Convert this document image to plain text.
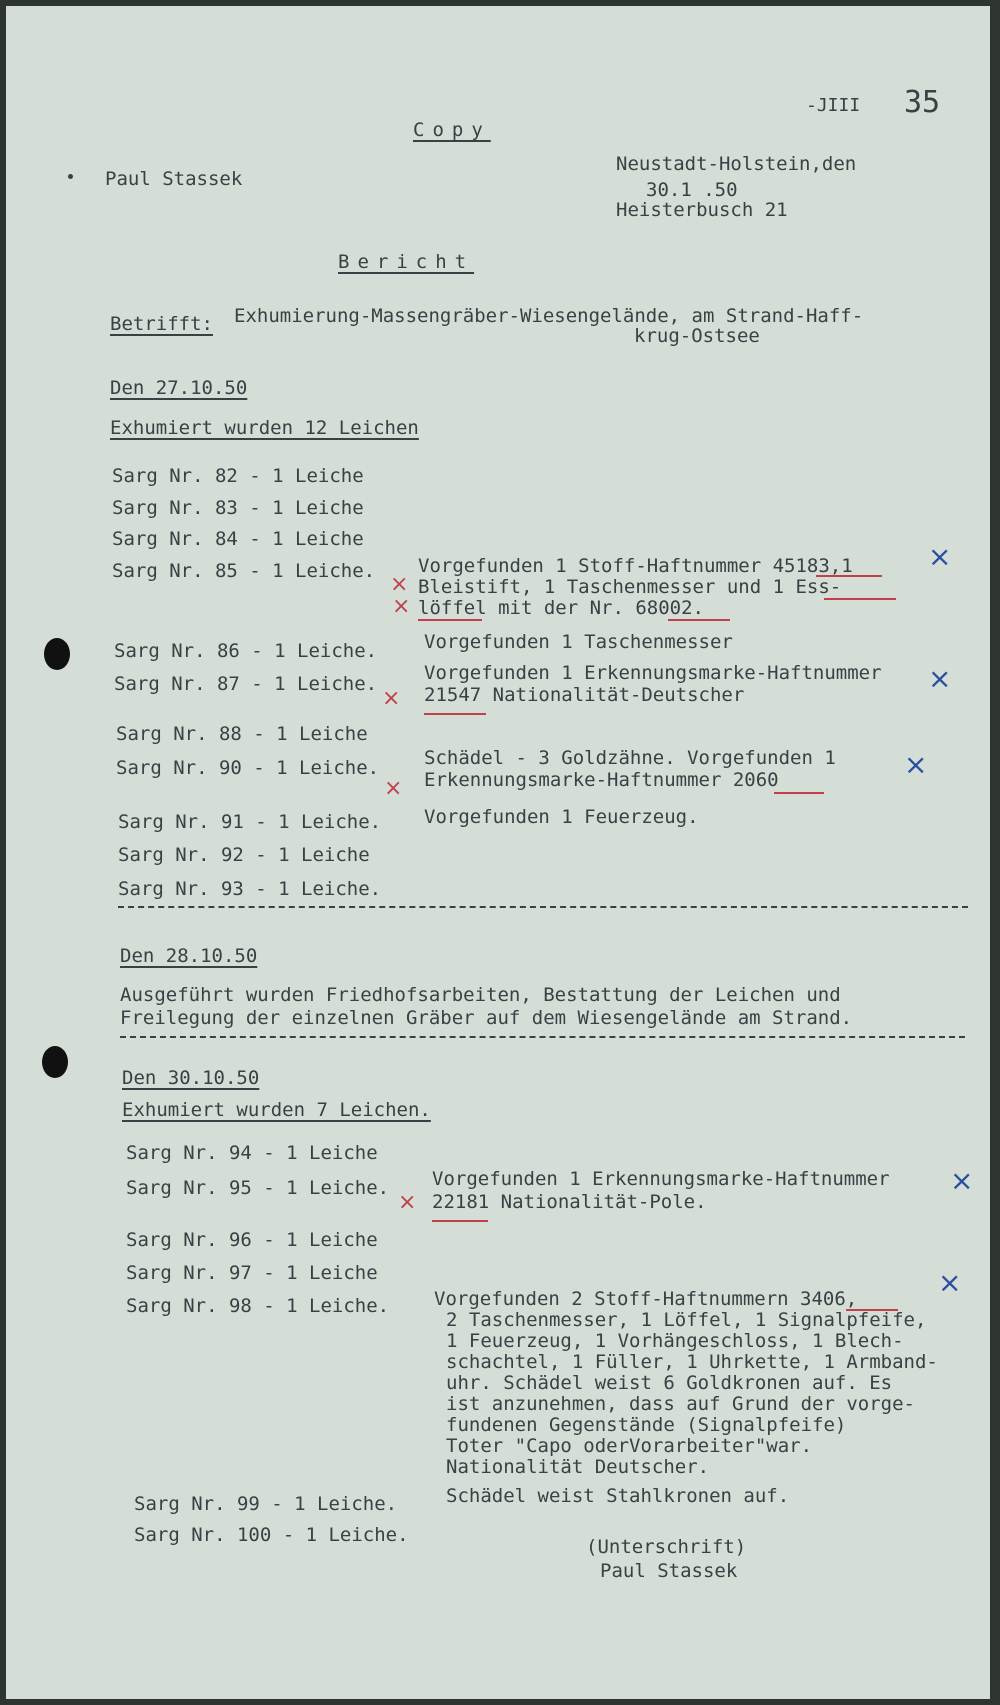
-JIII 35
Copy
Paul Stassek
Neustadt-Holstein,den
30.1 .50
Heisterbusch 21
Bericht
Betrifft: Exhumierung-Massengräber-Wiesengelände, am Strand-Haff-
krug-Ostsee
Den 27.10.50
Exhumiert wurden 12 Leichen
Sarg Nr. 82 - 1 Leiche
Sarg Nr. 83 - 1 Leiche
Sarg Nr. 84 - 1 Leiche
Sarg Nr. 85 - 1 Leiche. Vorgefunden 1 Stoff-Haftnummer 45183,1
Bleistift, 1 Taschenmesser und 1 Ess-
löffel mit der Nr. 68002.
×
×
×
Sarg Nr. 86 - 1 Leiche. Vorgefunden 1 Taschenmesser
Sarg Nr. 87 - 1 Leiche. Vorgefunden 1 Erkennungsmarke-Haftnummer
21547 Nationalität-Deutscher
×
×
Sarg Nr. 88 - 1 Leiche
Sarg Nr. 90 - 1 Leiche. Schädel - 3 Goldzähne. Vorgefunden 1
Erkennungsmarke-Haftnummer 2060
×
×
Sarg Nr. 91 - 1 Leiche. Vorgefunden 1 Feuerzeug.
Sarg Nr. 92 - 1 Leiche
Sarg Nr. 93 - 1 Leiche.
Den 28.10.50
Ausgeführt wurden Friedhofsarbeiten, Bestattung der Leichen und
Freilegung der einzelnen Gräber auf dem Wiesengelände am Strand.
Den 30.10.50
Exhumiert wurden 7 Leichen.
Sarg Nr. 94 - 1 Leiche
Sarg Nr. 95 - 1 Leiche. Vorgefunden 1 Erkennungsmarke-Haftnummer
22181 Nationalität-Pole.
×
×
Sarg Nr. 96 - 1 Leiche
Sarg Nr. 97 - 1 Leiche
Sarg Nr. 98 - 1 Leiche. Vorgefunden 2 Stoff-Haftnummern 3406,
2 Taschenmesser, 1 Löffel, 1 Signalpfeife,
1 Feuerzeug, 1 Vorhängeschloss, 1 Blech-
schachtel, 1 Füller, 1 Uhrkette, 1 Armband-
uhr. Schädel weist 6 Goldkronen auf. Es
ist anzunehmen, dass auf Grund der vorge-
fundenen Gegenstände (Signalpfeife)
Toter "Capo oderVorarbeiter"war.
Nationalität Deutscher.
×
Sarg Nr. 99 - 1 Leiche.	Schädel weist Stahlkronen auf.
Sarg Nr. 100 - 1 Leiche.
(Unterschrift)
Paul Stassek
